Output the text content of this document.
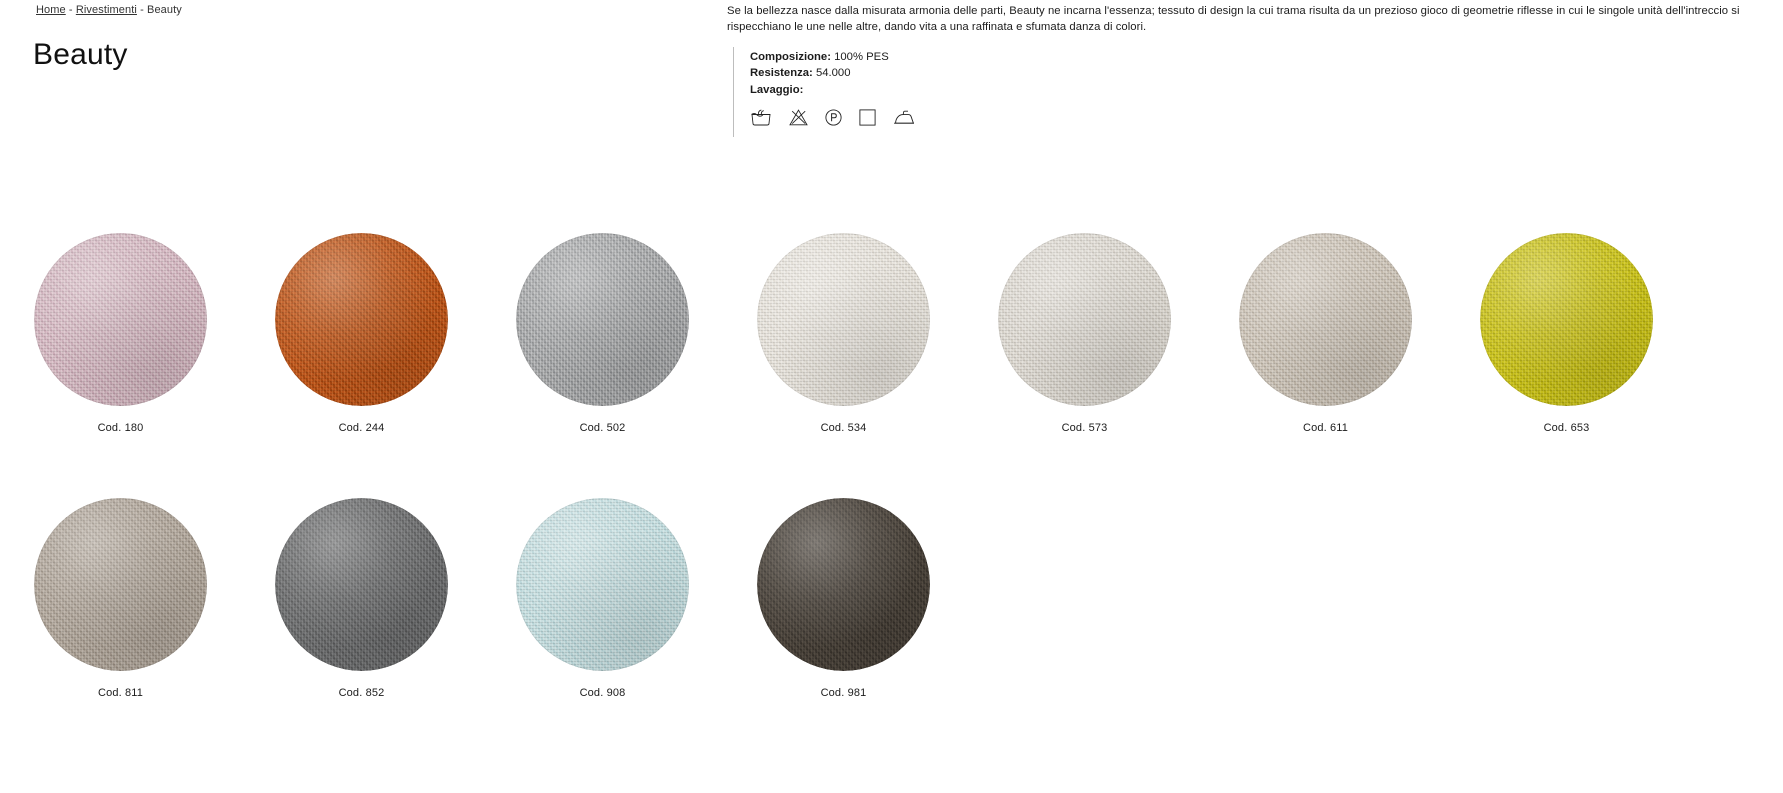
Home - Rivestimenti - Beauty
Beauty
Se la bellezza nasce dalla misurata armonia delle parti, Beauty ne incarna l'essenza; tessuto di design la cui trama risulta da un prezioso gioco di geometrie riflesse in cui le singole unità dell'intreccio si rispecchiano le une nelle altre, dando vita a una raffinata e sfumata danza di colori.
Composizione: 100% PES
Resistenza: 54.000
Lavaggio:
Cod. 180	Cod. 244	Cod. 502	Cod. 534	Cod. 573	Cod. 611	Cod. 653
Cod. 811	Cod. 852	Cod. 908	Cod. 981
